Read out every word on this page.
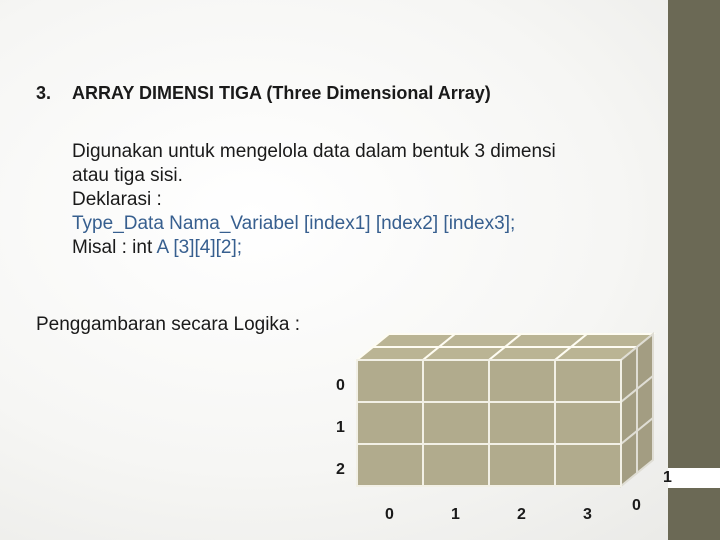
3. ARRAY DIMENSI TIGA (Three Dimensional Array)

Digunakan untuk mengelola data dalam bentuk 3 dimensi

atau tiga sisi.

Deklarasi :

Type_Data Nama_Variabel [index1] [ndex2] [index3];

Misal : int A [3][4][2];

Penggambaran secara Logika :

0
1
2
0	1	2	3
0
1
